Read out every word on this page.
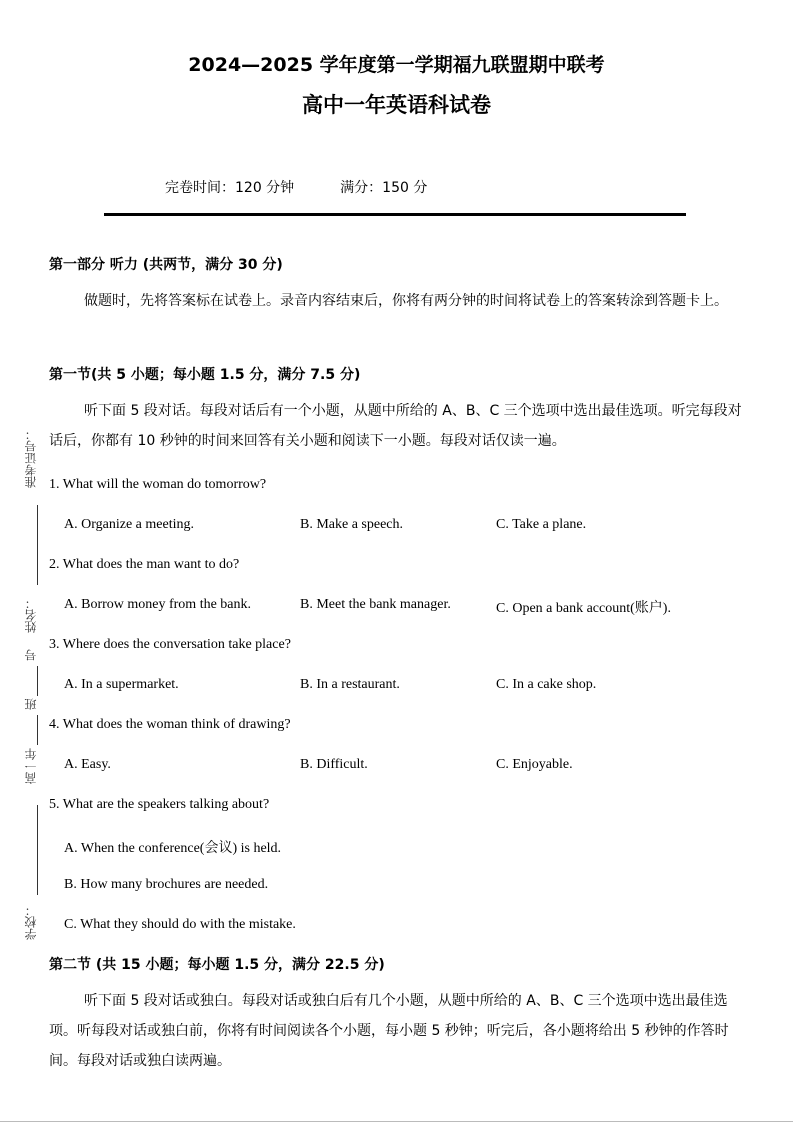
2024—2025 学年度第一学期福九联盟期中联考
高中一年英语科试卷
完卷时间：120 分钟	满分：150 分
准考证号：
姓名：
号
班
高一年
学校：
第一部分 听力 (共两节，满分 30 分)
做题时，先将答案标在试卷上。录音内容结束后，你将有两分钟的时间将试卷上的答案转涂到答题卡上。
第一节(共 5 小题；每小题 1.5 分，满分 7.5 分)
听下面 5 段对话。每段对话后有一个小题，从题中所给的 A、B、C 三个选项中选出最佳选项。听完每段对话后，你都有 10 秒钟的时间来回答有关小题和阅读下一小题。每段对话仅读一遍。
1. What will the woman do tomorrow?
A. Organize a meeting.	B. Make a speech.	C. Take a plane.
2. What does the man want to do?
A. Borrow money from the bank.	B. Meet the bank manager.	C. Open a bank account(账户).
3. Where does the conversation take place?
A. In a supermarket.	B. In a restaurant.	C. In a cake shop.
4. What does the woman think of drawing?
A. Easy.	B. Difficult.	C. Enjoyable.
5. What are the speakers talking about?
A. When the conference(会议) is held.
B. How many brochures are needed.
C. What they should do with the mistake.
第二节 (共 15 小题；每小题 1.5 分，满分 22.5 分)
听下面 5 段对话或独白。每段对话或独白后有几个小题，从题中所给的 A、B、C 三个选项中选出最佳选项。听每段对话或独白前，你将有时间阅读各个小题，每小题 5 秒钟；听完后，各小题将给出 5 秒钟的作答时间。每段对话或独白读两遍。
